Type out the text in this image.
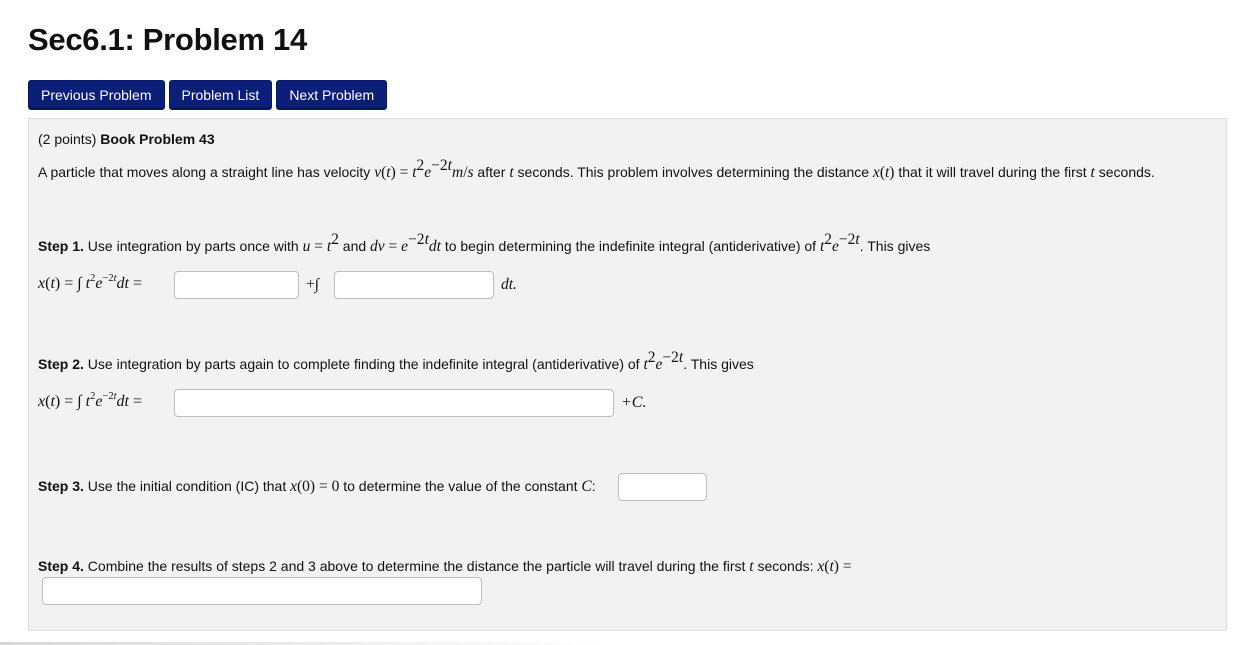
Sec6.1: Problem 14
Previous Problem	Problem List	Next Problem
(2 points) Book Problem 43
A particle that moves along a straight line has velocity $v(t) = t^2e^{-2t}m/s$ after t seconds. This problem involves determining the distance x(t) that it will travel during the first t seconds.
Step 1. Use integration by parts once with $u = t^2$ and dv = $e^{-2t}dt$ to begin determining the indefinite integral (antiderivative) of $t^2e^{-2t}$. This gives
x(t) = ∫ $t^2e^{-2t}dt$ =	+∫	dt.
Step 2. Use integration by parts again to complete finding the indefinite integral (antiderivative) of $t^2e^{-2t}$. This gives
x(t) = ∫ $t^2e^{-2t}dt$ =	+C.
Step 3. Use the initial condition (IC) that x(0) = 0 to determine the value of the constant C:
Step 4. Combine the results of steps 2 and 3 above to determine the distance the particle will travel during the first t seconds: x(t) =
